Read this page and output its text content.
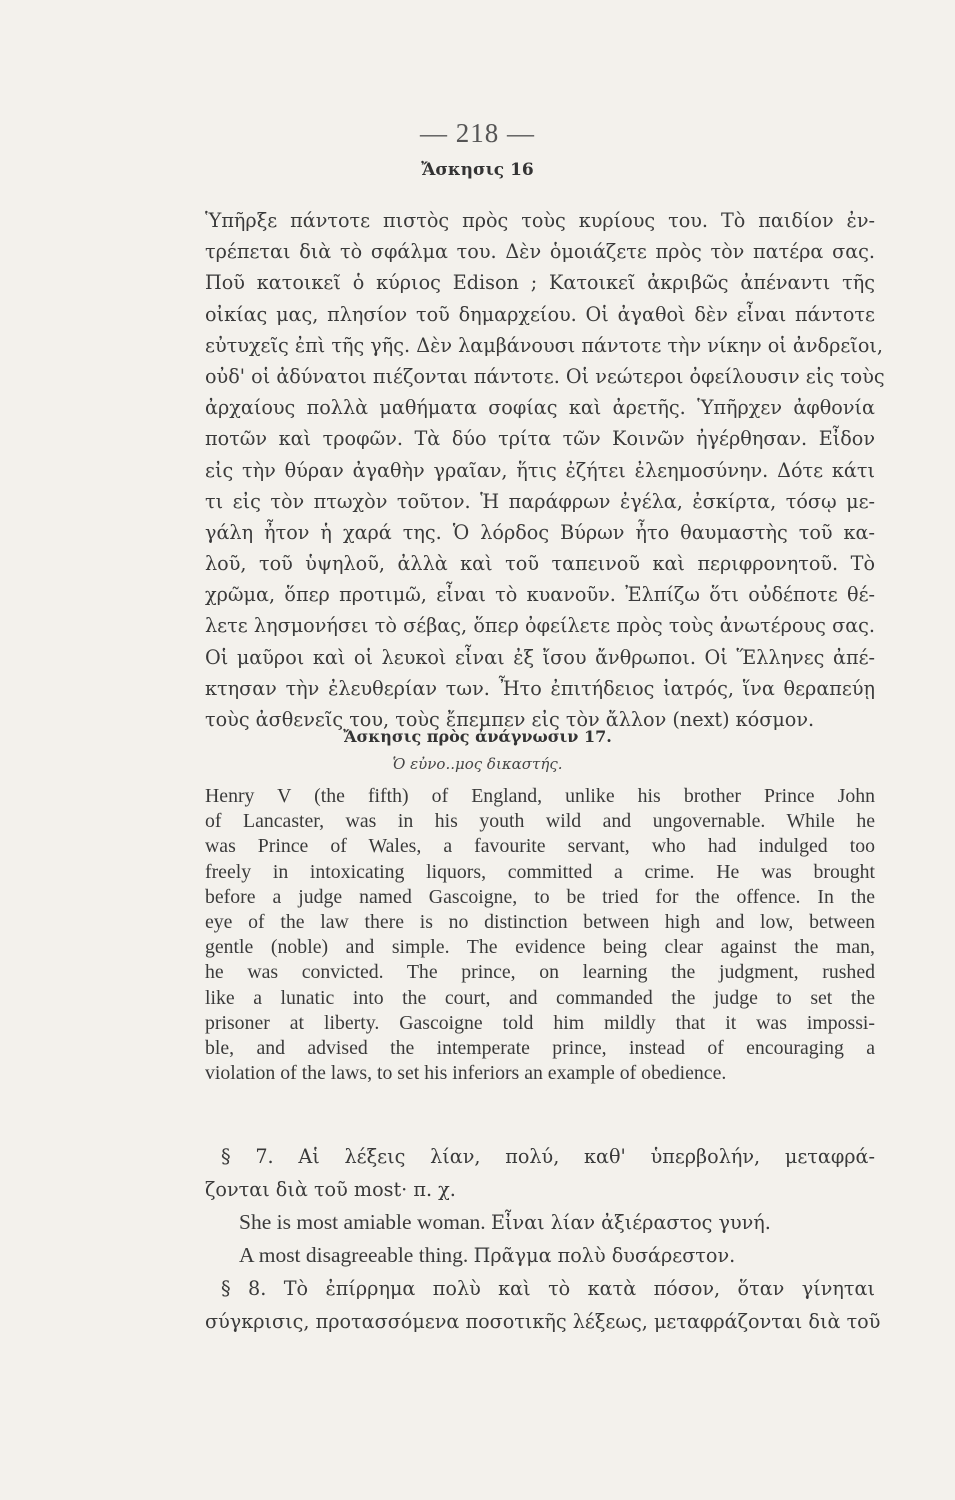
— 218 —
Ἄσκησις 16
Ὑπῆρξε πάντοτε πιστὸς πρὸς τοὺς κυρίους του. Τὸ παιδίον ἐν-
τρέπεται διὰ τὸ σφάλμα του. Δὲν ὁμοιάζετε πρὸς τὸν πατέρα σας.
Ποῦ κατοικεῖ ὁ κύριος Edison ; Κατοικεῖ ἀκριβῶς ἀπέναντι τῆς
οἰκίας μας, πλησίον τοῦ δημαρχείου. Οἱ ἀγαθοὶ δὲν εἶναι πάντοτε
εὐτυχεῖς ἐπὶ τῆς γῆς. Δὲν λαμβάνουσι πάντοτε τὴν νίκην οἱ ἀνδρεῖοι,
οὐδ' οἱ ἀδύνατοι πιέζονται πάντοτε. Οἱ νεώτεροι ὀφείλουσιν εἰς τοὺς
ἀρχαίους πολλὰ μαθήματα σοφίας καὶ ἀρετῆς. Ὑπῆρχεν ἀφθονία
ποτῶν καὶ τροφῶν. Τὰ δύο τρίτα τῶν Κοινῶν ἠγέρθησαν. Εἶδον
εἰς τὴν θύραν ἀγαθὴν γραῖαν, ἥτις ἐζήτει ἐλεημοσύνην. Δότε κάτι
τι εἰς τὸν πτωχὸν τοῦτον. Ἡ παράφρων ἐγέλα, ἐσκίρτα, τόσῳ με-
γάλη ἦτον ἡ χαρά της. Ὁ λόρδος Βύρων ἦτο θαυμαστὴς τοῦ κα-
λοῦ, τοῦ ὑψηλοῦ, ἀλλὰ καὶ τοῦ ταπεινοῦ καὶ περιφρονητοῦ. Τὸ
χρῶμα, ὅπερ προτιμῶ, εἶναι τὸ κυανοῦν. Ἐλπίζω ὅτι οὐδέποτε θέ-
λετε λησμονήσει τὸ σέβας, ὅπερ ὀφείλετε πρὸς τοὺς ἀνωτέρους σας.
Οἱ μαῦροι καὶ οἱ λευκοὶ εἶναι ἐξ ἴσου ἄνθρωποι. Οἱ Ἕλληνες ἀπέ-
κτησαν τὴν ἐλευθερίαν των. Ἦτο ἐπιτήδειος ἰατρός, ἵνα θεραπεύῃ
τοὺς ἀσθενεῖς του, τοὺς ἔπεμπεν εἰς τὸν ἄλλον (next) κόσμον.
Ἄσκησις πρὸς ἀνάγνωσιν 17.
Ὁ εὐνο..μος δικαστής.
Henry V (the fifth) of England, unlike his brother Prince John
of Lancaster, was in his youth wild and ungovernable. While he
was Prince of Wales, a favourite servant, who had indulged too
freely in intoxicating liquors, committed a crime. He was brought
before a judge named Gascoigne, to be tried for the offence. In the
eye of the law there is no distinction between high and low, between
gentle (noble) and simple. The evidence being clear against the man,
he was convicted. The prince, on learning the judgment, rushed
like a lunatic into the court, and commanded the judge to set the
prisoner at liberty. Gascoigne told him mildly that it was impossi-
ble, and advised the intemperate prince, instead of encouraging a
violation of the laws, to set his inferiors an example of obedience.
§ 7. Αἱ λέξεις λίαν, πολύ, καθ' ὑπερβολήν, μεταφρά-
ζονται διὰ τοῦ most· π. χ.
She is most amiable woman. Εἶναι λίαν ἀξιέραστος γυνή.
A most disagreeable thing. Πρᾶγμα πολὺ δυσάρεστον.
§ 8. Τὸ ἐπίρρημα πολὺ καὶ τὸ κατὰ πόσον, ὅταν γίνηται
σύγκρισις, προτασσόμενα ποσοτικῆς λέξεως, μεταφράζονται διὰ τοῦ
